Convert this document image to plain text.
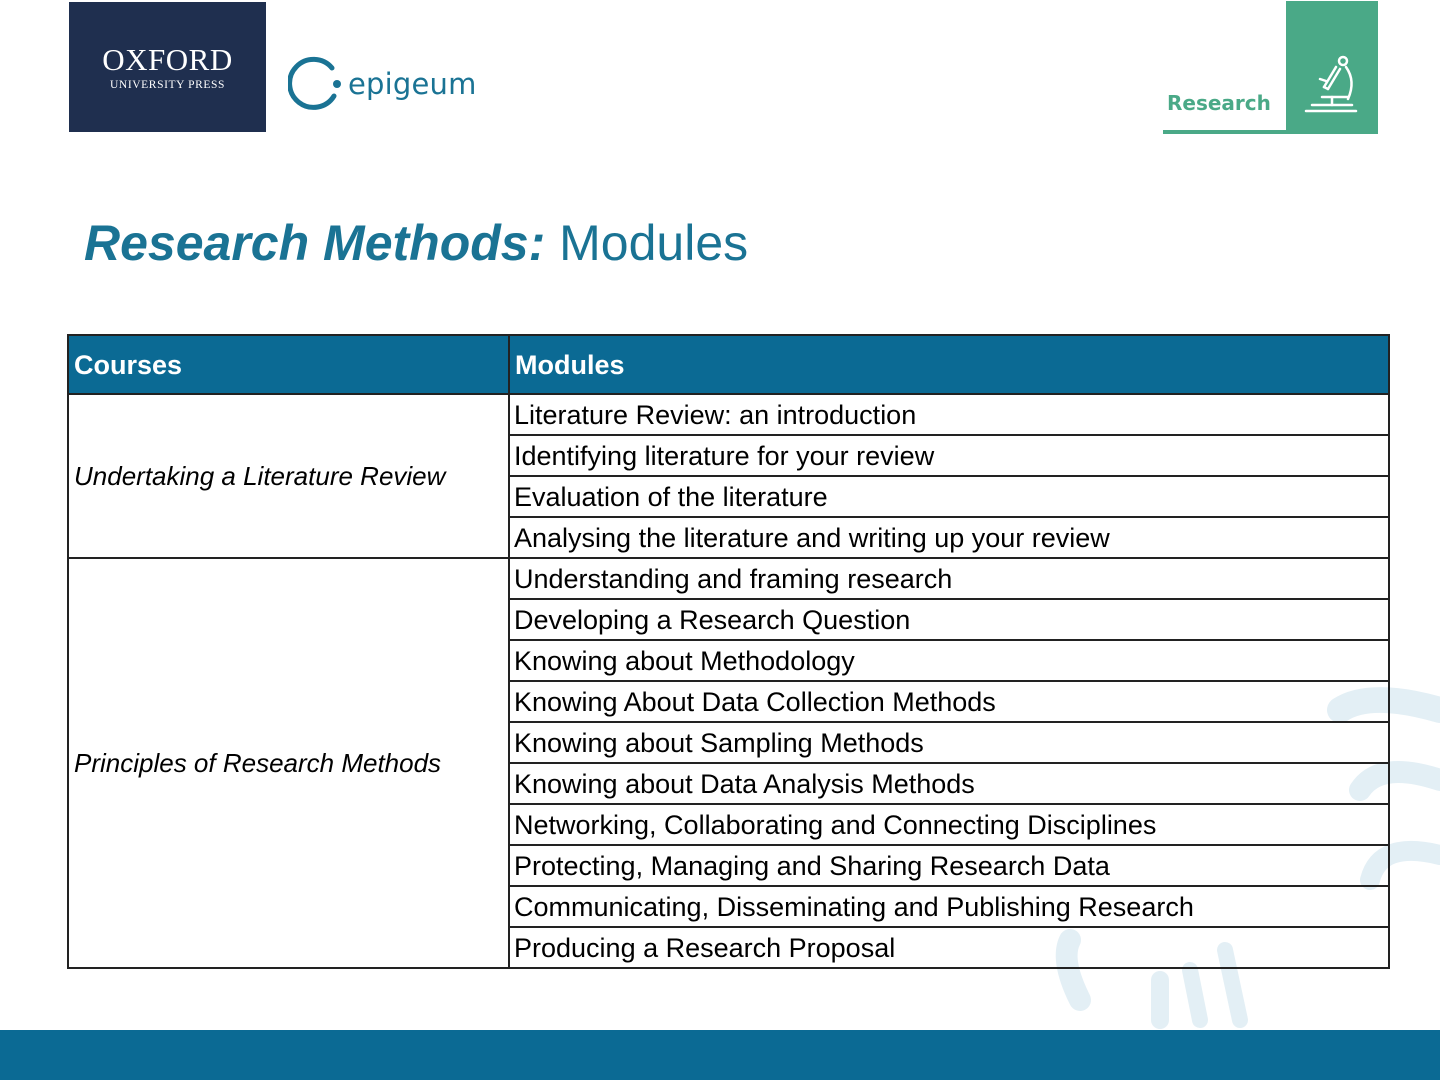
OXFORD
UNIVERSITY PRESS	epigeum
Research
Research Methods: Modules
Courses	Modules
Undertaking a Literature Review	Literature Review: an introduction
	Identifying literature for your review
	Evaluation of the literature
	Analysing the literature and writing up your review
Principles of Research Methods	Understanding and framing research
	Developing a Research Question
	Knowing about Methodology
	Knowing About Data Collection Methods
	Knowing about Sampling Methods
	Knowing about Data Analysis Methods
	Networking, Collaborating and Connecting Disciplines
	Protecting, Managing and Sharing Research Data
	Communicating, Disseminating and Publishing Research
	Producing a Research Proposal
